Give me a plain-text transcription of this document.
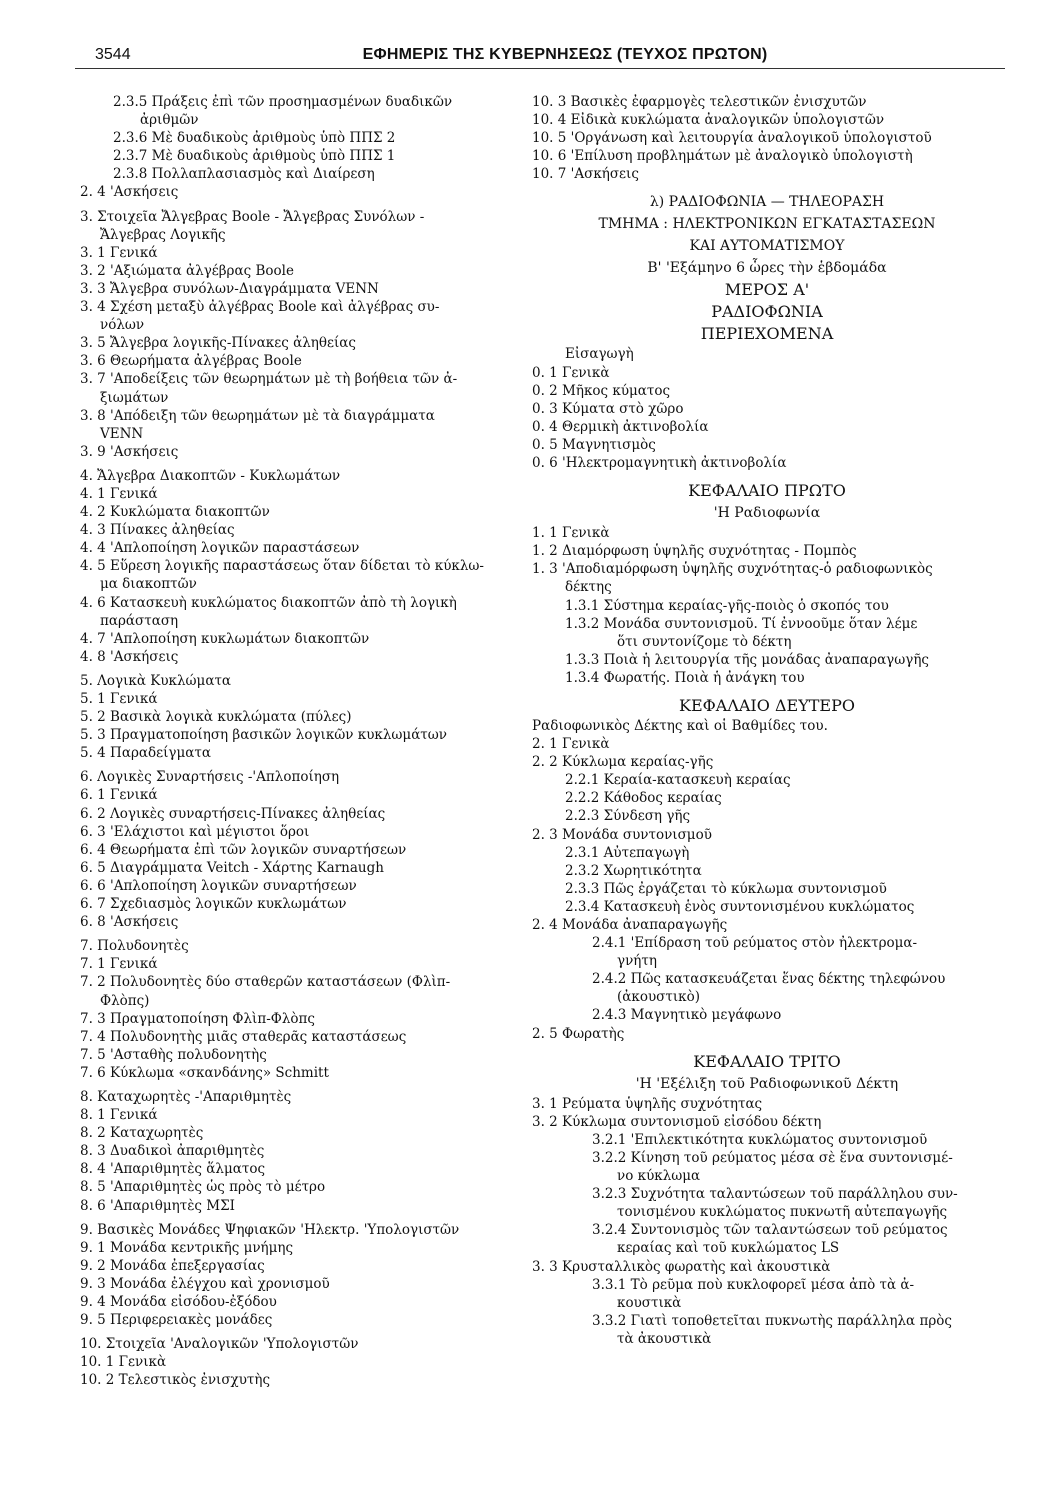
3544	ΕΦΗΜΕΡΙΣ ΤΗΣ ΚΥΒΕΡΝΗΣΕΩΣ (ΤΕΥΧΟΣ ΠΡΩΤΟΝ)
2.3.5 Πράξεις ἐπὶ τῶν προσημασμένων δυαδικῶν
ἀριθμῶν
2.3.6 Μὲ δυαδικοὺς ἀριθμοὺς ὑπὸ ΠΠΣ 2
2.3.7 Μὲ δυαδικοὺς ἀριθμοὺς ὑπὸ ΠΠΣ 1
2.3.8 Πολλαπλασιασμὸς καὶ Διαίρεση
2. 4 'Ασκήσεις
3. Στοιχεῖα Ἄλγεβρας Boole - Ἄλγεβρας Συνόλων -
Ἄλγεβρας Λογικῆς
3. 1 Γενικά
3. 2 'Αξιώματα ἀλγέβρας Boole
3. 3 Ἄλγεβρα συνόλων-Διαγράμματα VENN
3. 4 Σχέση μεταξὺ ἀλγέβρας Boole καὶ ἀλγέβρας συ-
νόλων
3. 5 Ἄλγεβρα λογικῆς-Πίνακες ἀληθείας
3. 6 Θεωρήματα ἀλγέβρας Boole
3. 7 'Αποδείξεις τῶν θεωρημάτων μὲ τὴ βοήθεια τῶν ἀ-
ξιωμάτων
3. 8 'Απόδειξη τῶν θεωρημάτων μὲ τὰ διαγράμματα
VENN
3. 9 'Ασκήσεις
4. Ἄλγεβρα Διακοπτῶν - Κυκλωμάτων
4. 1 Γενικά
4. 2 Κυκλώματα διακοπτῶν
4. 3 Πίνακες ἀληθείας
4. 4 'Απλοποίηση λογικῶν παραστάσεων
4. 5 Εὕρεση λογικῆς παραστάσεως ὅταν δίδεται τὸ κύκλω-
μα διακοπτῶν
4. 6 Κατασκευὴ κυκλώματος διακοπτῶν ἀπὸ τὴ λογικὴ
παράσταση
4. 7 'Απλοποίηση κυκλωμάτων διακοπτῶν
4. 8 'Ασκήσεις
5. Λογικὰ Κυκλώματα
5. 1 Γενικά
5. 2 Βασικὰ λογικὰ κυκλώματα (πύλες)
5. 3 Πραγματοποίηση βασικῶν λογικῶν κυκλωμάτων
5. 4 Παραδείγματα
6. Λογικὲς Συναρτήσεις -'Απλοποίηση
6. 1 Γενικά
6. 2 Λογικὲς συναρτήσεις-Πίνακες ἀληθείας
6. 3 'Ελάχιστοι καὶ μέγιστοι ὅροι
6. 4 Θεωρήματα ἐπὶ τῶν λογικῶν συναρτήσεων
6. 5 Διαγράμματα Veitch - Χάρτης Karnaugh
6. 6 'Απλοποίηση λογικῶν συναρτήσεων
6. 7 Σχεδιασμὸς λογικῶν κυκλωμάτων
6. 8 'Ασκήσεις
7. Πολυδονητὲς
7. 1 Γενικά
7. 2 Πολυδονητὲς δύο σταθερῶν καταστάσεων (Φλὶπ-
Φλὸπς)
7. 3 Πραγματοποίηση Φλὶπ-Φλὸπς
7. 4 Πολυδονητὴς μιᾶς σταθερᾶς καταστάσεως
7. 5 'Ασταθὴς πολυδονητὴς
7. 6 Κύκλωμα «σκανδάνης» Schmitt
8. Καταχωρητὲς -'Απαριθμητὲς
8. 1 Γενικά
8. 2 Καταχωρητὲς
8. 3 Δυαδικοὶ ἀπαριθμητὲς
8. 4 'Απαριθμητὲς ἅλματος
8. 5 'Απαριθμητὲς ὡς πρὸς τὸ μέτρο
8. 6 'Απαριθμητὲς ΜΣΙ
9. Βασικὲς Μονάδες Ψηφιακῶν 'Ηλεκτρ. 'Υπολογιστῶν
9. 1 Μονάδα κεντρικῆς μνήμης
9. 2 Μονάδα ἐπεξεργασίας
9. 3 Μονάδα ἐλέγχου καὶ χρονισμοῦ
9. 4 Μονάδα εἰσόδου-ἐξόδου
9. 5 Περιφερειακὲς μονάδες
10. Στοιχεῖα 'Αναλογικῶν 'Υπολογιστῶν
10. 1 Γενικὰ
10. 2 Τελεστικὸς ἐνισχυτὴς
10. 3 Βασικὲς ἐφαρμογὲς τελεστικῶν ἐνισχυτῶν
10. 4 Εἰδικὰ κυκλώματα ἀναλογικῶν ὑπολογιστῶν
10. 5 'Οργάνωση καὶ λειτουργία ἀναλογικοῦ ὑπολογιστοῦ
10. 6 'Επίλυση προβλημάτων μὲ ἀναλογικὸ ὑπολογιστὴ
10. 7 'Ασκήσεις
λ) ΡΑΔΙΟΦΩΝΙΑ — ΤΗΛΕΟΡΑΣΗ
ΤΜΗΜΑ : ΗΛΕΚΤΡΟΝΙΚΩΝ ΕΓΚΑΤΑΣΤΑΣΕΩΝ
ΚΑΙ ΑΥΤΟΜΑΤΙΣΜΟΥ
Β' 'Εξάμηνο 6 ὧρες τὴν ἑβδομάδα
ΜΕΡΟΣ Α'
ΡΑΔΙΟΦΩΝΙΑ
ΠΕΡΙΕΧΟΜΕΝΑ
Εἰσαγωγὴ
0. 1 Γενικὰ
0. 2 Μῆκος κύματος
0. 3 Κύματα στὸ χῶρο
0. 4 Θερμικὴ ἀκτινοβολία
0. 5 Μαγνητισμὸς
0. 6 'Ηλεκτρομαγνητικὴ ἀκτινοβολία
ΚΕΦΑΛΑΙΟ ΠΡΩΤΟ
'Η Ραδιοφωνία
1. 1 Γενικὰ
1. 2 Διαμόρφωση ὑψηλῆς συχνότητας - Πομπὸς
1. 3 'Αποδιαμόρφωση ὑψηλῆς συχνότητας-ὁ ραδιοφωνικὸς
δέκτης
1.3.1 Σύστημα κεραίας-γῆς-ποιὸς ὁ σκοπός του
1.3.2 Μονάδα συντονισμοῦ. Τί ἐννοοῦμε ὅταν λέμε
ὅτι συντονίζομε τὸ δέκτη
1.3.3 Ποιὰ ἡ λειτουργία τῆς μονάδας ἀναπαραγωγῆς
1.3.4 Φωρατής. Ποιὰ ἡ ἀνάγκη του
ΚΕΦΑΛΑΙΟ ΔΕΥΤΕΡΟ
Ραδιοφωνικὸς Δέκτης καὶ οἱ Βαθμίδες του.
2. 1 Γενικὰ
2. 2 Κύκλωμα κεραίας-γῆς
2.2.1 Κεραία-κατασκευὴ κεραίας
2.2.2 Κάθοδος κεραίας
2.2.3 Σύνδεση γῆς
2. 3 Μονάδα συντονισμοῦ
2.3.1 Αὐτεπαγωγὴ
2.3.2 Χωρητικότητα
2.3.3 Πῶς ἐργάζεται τὸ κύκλωμα συντονισμοῦ
2.3.4 Κατασκευὴ ἑνὸς συντονισμένου κυκλώματος
2. 4 Μονάδα ἀναπαραγωγῆς
2.4.1 'Επίδραση τοῦ ρεύματος στὸν ἠλεκτρομα-
γνήτη
2.4.2 Πῶς κατασκευάζεται ἕνας δέκτης τηλεφώνου
(ἀκουστικὸ)
2.4.3 Μαγνητικὸ μεγάφωνο
2. 5 Φωρατὴς
ΚΕΦΑΛΑΙΟ ΤΡΙΤΟ
'Η 'Εξέλιξη τοῦ Ραδιοφωνικοῦ Δέκτη
3. 1 Ρεύματα ὑψηλῆς συχνότητας
3. 2 Κύκλωμα συντονισμοῦ εἰσόδου δέκτη
3.2.1 'Επιλεκτικότητα κυκλώματος συντονισμοῦ
3.2.2 Κίνηση τοῦ ρεύματος μέσα σὲ ἕνα συντονισμέ-
νο κύκλωμα
3.2.3 Συχνότητα ταλαντώσεων τοῦ παράλληλου συν-
τονισμένου κυκλώματος πυκνωτῆ αὐτεπαγωγῆς
3.2.4 Συντονισμὸς τῶν ταλαντώσεων τοῦ ρεύματος
κεραίας καὶ τοῦ κυκλώματος LS
3. 3 Κρυσταλλικὸς φωρατὴς καὶ ἀκουστικὰ
3.3.1 Τὸ ρεῦμα ποὺ κυκλοφορεῖ μέσα ἀπὸ τὰ ἀ-
κουστικὰ
3.3.2 Γιατὶ τοποθετεῖται πυκνωτὴς παράλληλα πρὸς
τὰ ἀκουστικὰ
